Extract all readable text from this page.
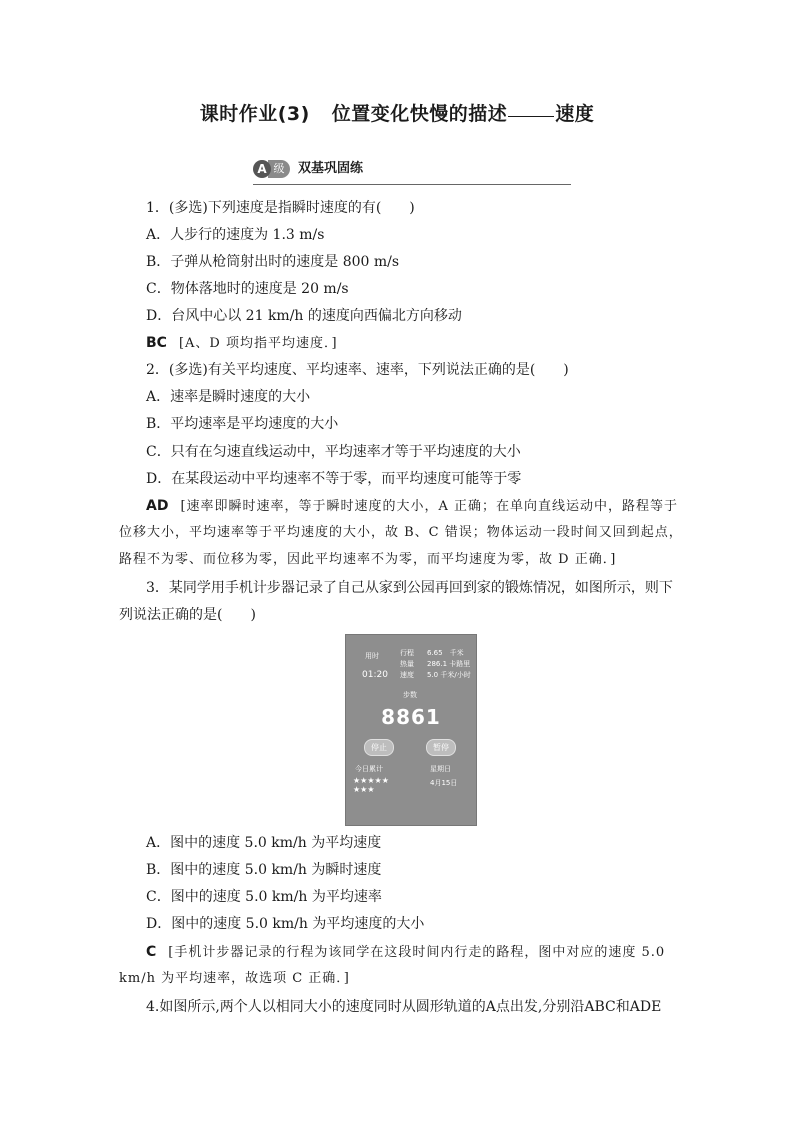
课时作业(3) 位置变化快慢的描述	速度
级
A	双基巩固练
1．(多选)下列速度是指瞬时速度的有(　　)
A．人步行的速度为 1.3 m/s
B．子弹从枪筒射出时的速度是 800 m/s
C．物体落地时的速度是 20 m/s
D．台风中心以 21 km/h 的速度向西偏北方向移动
BC [A、D 项均指平均速度．]
2．(多选)有关平均速度、平均速率、速率，下列说法正确的是(　　)
A．速率是瞬时速度的大小
B．平均速率是平均速度的大小
C．只有在匀速直线运动中，平均速率才等于平均速度的大小
D．在某段运动中平均速率不等于零，而平均速度可能等于零
AD [速率即瞬时速率，等于瞬时速度的大小，A 正确；在单向直线运动中，路程等于
位移大小，平均速率等于平均速度的大小，故 B、C 错误；物体运动一段时间又回到起点，
路程不为零、而位移为零，因此平均速率不为零，而平均速度为零，故 D 正确．]
3．某同学用手机计步器记录了自己从家到公园再回到家的锻炼情况，如图所示，则下
列说法正确的是(　　)
用时
01:20
行程 6.65　千米
热量 286.1 卡路里
速度 5.0 千米/小时
步数
8861
停止	暂停
今日累计
★★★★★
★★★
星期日
4月15日
A．图中的速度 5.0 km/h 为平均速度
B．图中的速度 5.0 km/h 为瞬时速度
C．图中的速度 5.0 km/h 为平均速率
D．图中的速度 5.0 km/h 为平均速度的大小
C [手机计步器记录的行程为该同学在这段时间内行走的路程，图中对应的速度 5.0
km/h 为平均速率，故选项 C 正确．]
4.如图所示,两个人以相同大小的速度同时从圆形轨道的A点出发,分别沿ABC和ADE
